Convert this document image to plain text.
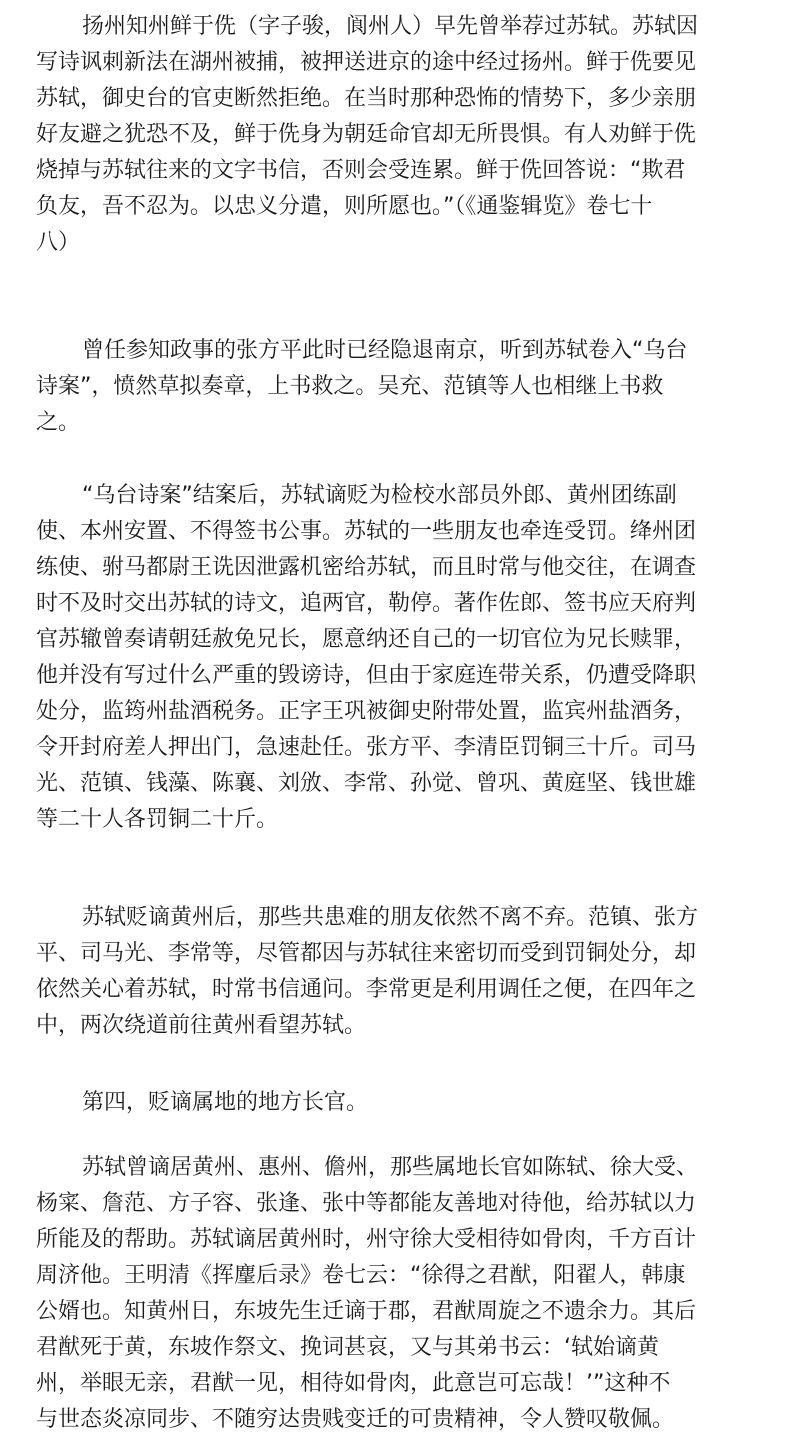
扬州知州鲜于侁（字子骏，阆州人）早先曾举荐过苏轼。苏轼因
写诗讽刺新法在湖州被捕，被押送进京的途中经过扬州。鲜于侁要见
苏轼，御史台的官吏断然拒绝。在当时那种恐怖的情势下，多少亲朋
好友避之犹恐不及，鲜于侁身为朝廷命官却无所畏惧。有人劝鲜于侁
烧掉与苏轼往来的文字书信，否则会受连累。鲜于侁回答说：“欺君
负友，吾不忍为。以忠义分遣，则所愿也。”（《通鉴辑览》卷七十
八）
曾任参知政事的张方平此时已经隐退南京，听到苏轼卷入“乌台
诗案”，愤然草拟奏章，上书救之。吴充、范镇等人也相继上书救
之。
“乌台诗案”结案后，苏轼谪贬为检校水部员外郎、黄州团练副
使、本州安置、不得签书公事。苏轼的一些朋友也牵连受罚。绛州团
练使、驸马都尉王诜因泄露机密给苏轼，而且时常与他交往，在调查
时不及时交出苏轼的诗文，追两官，勒停。著作佐郎、签书应天府判
官苏辙曾奏请朝廷赦免兄长，愿意纳还自己的一切官位为兄长赎罪，
他并没有写过什么严重的毁谤诗，但由于家庭连带关系，仍遭受降职
处分，监筠州盐酒税务。正字王巩被御史附带处置，监宾州盐酒务，
令开封府差人押出门，急速赴任。张方平、李清臣罚铜三十斤。司马
光、范镇、钱藻、陈襄、刘攽、李常、孙觉、曾巩、黄庭坚、钱世雄
等二十人各罚铜二十斤。
苏轼贬谪黄州后，那些共患难的朋友依然不离不弃。范镇、张方
平、司马光、李常等，尽管都因与苏轼往来密切而受到罚铜处分，却
依然关心着苏轼，时常书信通问。李常更是利用调任之便，在四年之
中，两次绕道前往黄州看望苏轼。
第四，贬谪属地的地方长官。
苏轼曾谪居黄州、惠州、儋州，那些属地长官如陈轼、徐大受、
杨寀、詹范、方子容、张逢、张中等都能友善地对待他，给苏轼以力
所能及的帮助。苏轼谪居黄州时，州守徐大受相待如骨肉，千方百计
周济他。王明清《挥麈后录》卷七云：“徐得之君猷，阳翟人，韩康
公婿也。知黄州日，东坡先生迁谪于郡，君猷周旋之不遗余力。其后
君猷死于黄，东坡作祭文、挽词甚哀，又与其弟书云：‘轼始谪黄
州，举眼无亲，君猷一见，相待如骨肉，此意岂可忘哉！’”这种不
与世态炎凉同步、不随穷达贵贱变迁的可贵精神，令人赞叹敬佩。
